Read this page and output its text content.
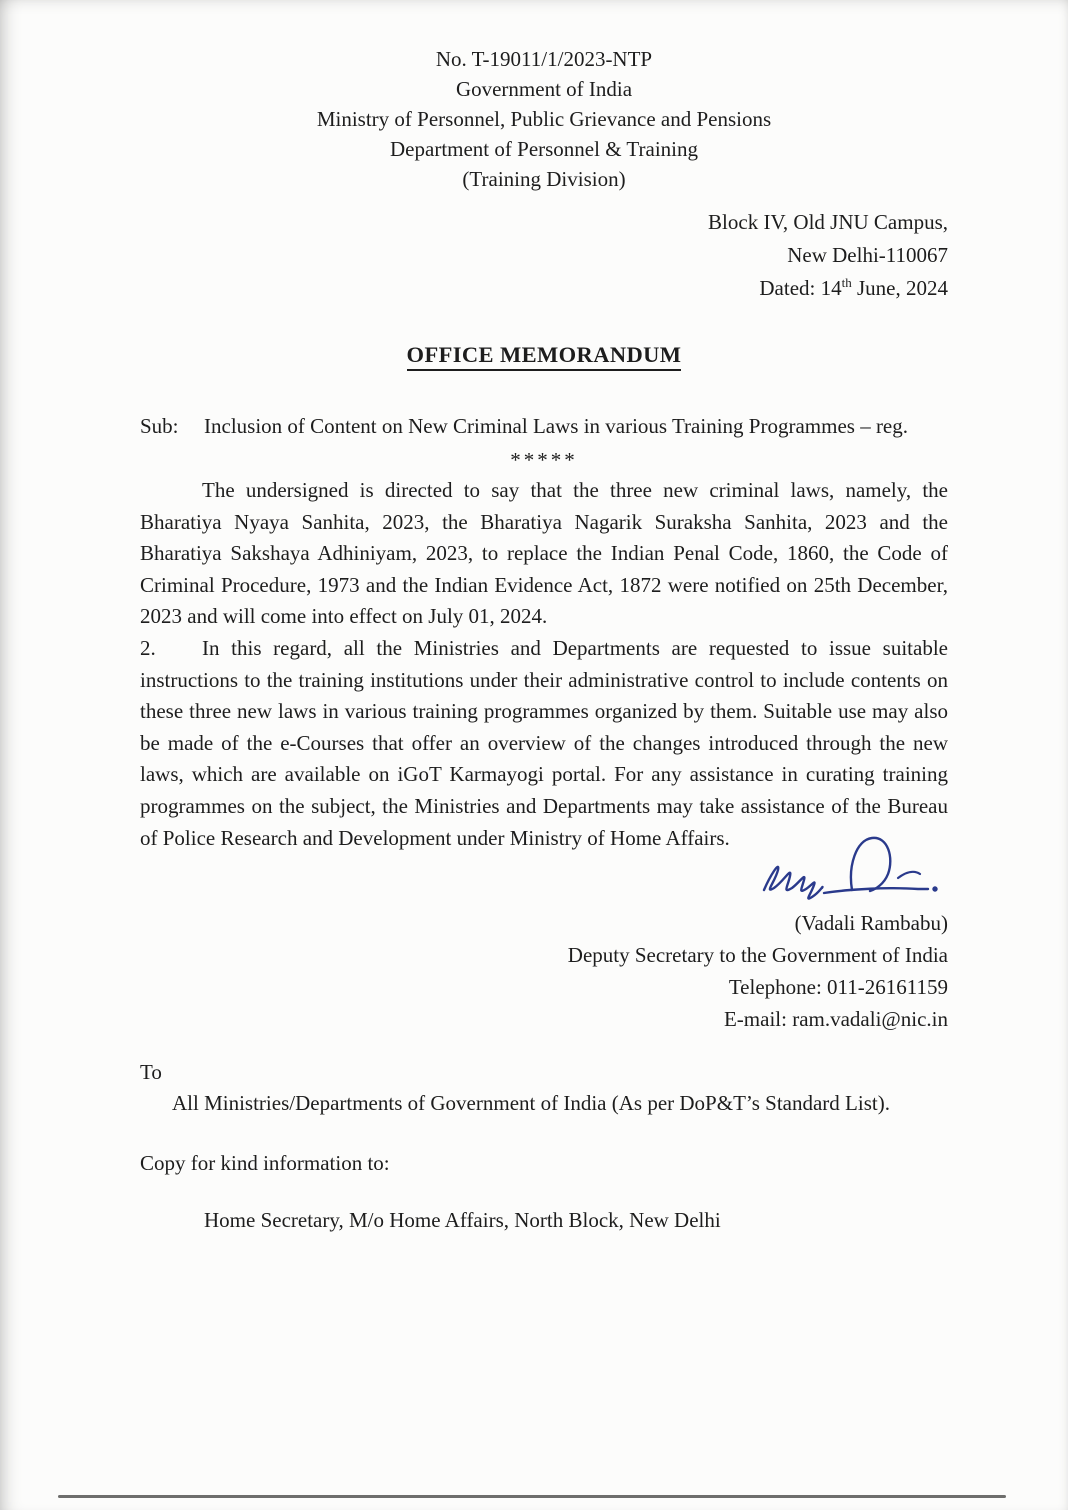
No. T-19011/1/2023-NTP
Government of India
Ministry of Personnel, Public Grievance and Pensions
Department of Personnel & Training
(Training Division)
Block IV, Old JNU Campus,
New Delhi-110067
Dated: 14th June, 2024
OFFICE MEMORANDUM

Sub: Inclusion of Content on New Criminal Laws in various Training Programmes – reg.

*****

The undersigned is directed to say that the three new criminal laws, namely, the Bharatiya Nyaya Sanhita, 2023, the Bharatiya Nagarik Suraksha Sanhita, 2023 and the Bharatiya Sakshaya Adhiniyam, 2023, to replace the Indian Penal Code, 1860, the Code of Criminal Procedure, 1973 and the Indian Evidence Act, 1872 were notified on 25th December, 2023 and will come into effect on July 01, 2024.

2. In this regard, all the Ministries and Departments are requested to issue suitable instructions to the training institutions under their administrative control to include contents on these three new laws in various training programmes organized by them. Suitable use may also be made of the e-Courses that offer an overview of the changes introduced through the new laws, which are available on iGoT Karmayogi portal. For any assistance in curating training programmes on the subject, the Ministries and Departments may take assistance of the Bureau of Police Research and Development under Ministry of Home Affairs.

(Vadali Rambabu)
Deputy Secretary to the Government of India
Telephone: 011-26161159
E-mail: ram.vadali@nic.in
To

All Ministries/Departments of Government of India (As per DoP&T’s Standard List).

Copy for kind information to:

Home Secretary, M/o Home Affairs, North Block, New Delhi
